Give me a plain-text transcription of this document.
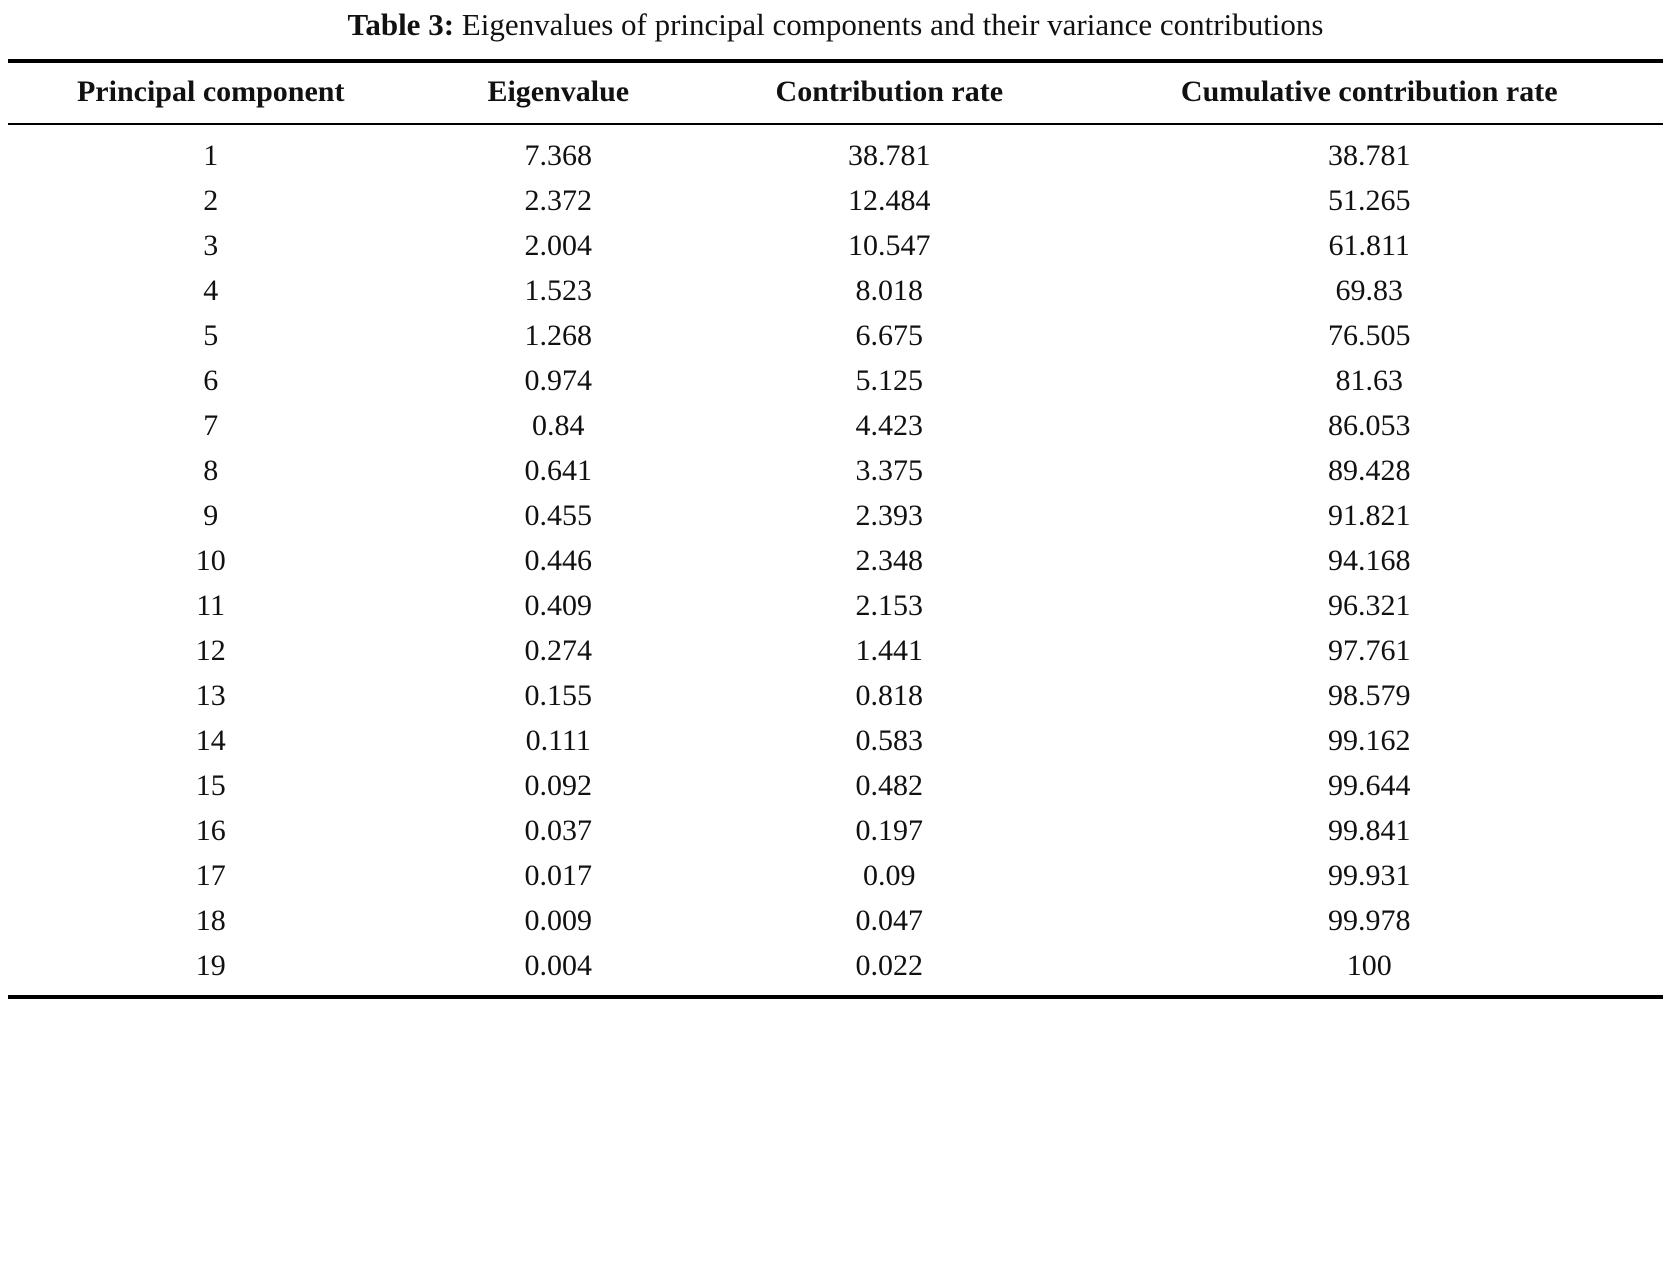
Table 3: Eigenvalues of principal components and their variance contributions
Principal component	Eigenvalue	Contribution rate	Cumulative contribution rate
1	7.368	38.781	38.781
2	2.372	12.484	51.265
3	2.004	10.547	61.811
4	1.523	8.018	69.83
5	1.268	6.675	76.505
6	0.974	5.125	81.63
7	0.84	4.423	86.053
8	0.641	3.375	89.428
9	0.455	2.393	91.821
10	0.446	2.348	94.168
11	0.409	2.153	96.321
12	0.274	1.441	97.761
13	0.155	0.818	98.579
14	0.111	0.583	99.162
15	0.092	0.482	99.644
16	0.037	0.197	99.841
17	0.017	0.09	99.931
18	0.009	0.047	99.978
19	0.004	0.022	100
